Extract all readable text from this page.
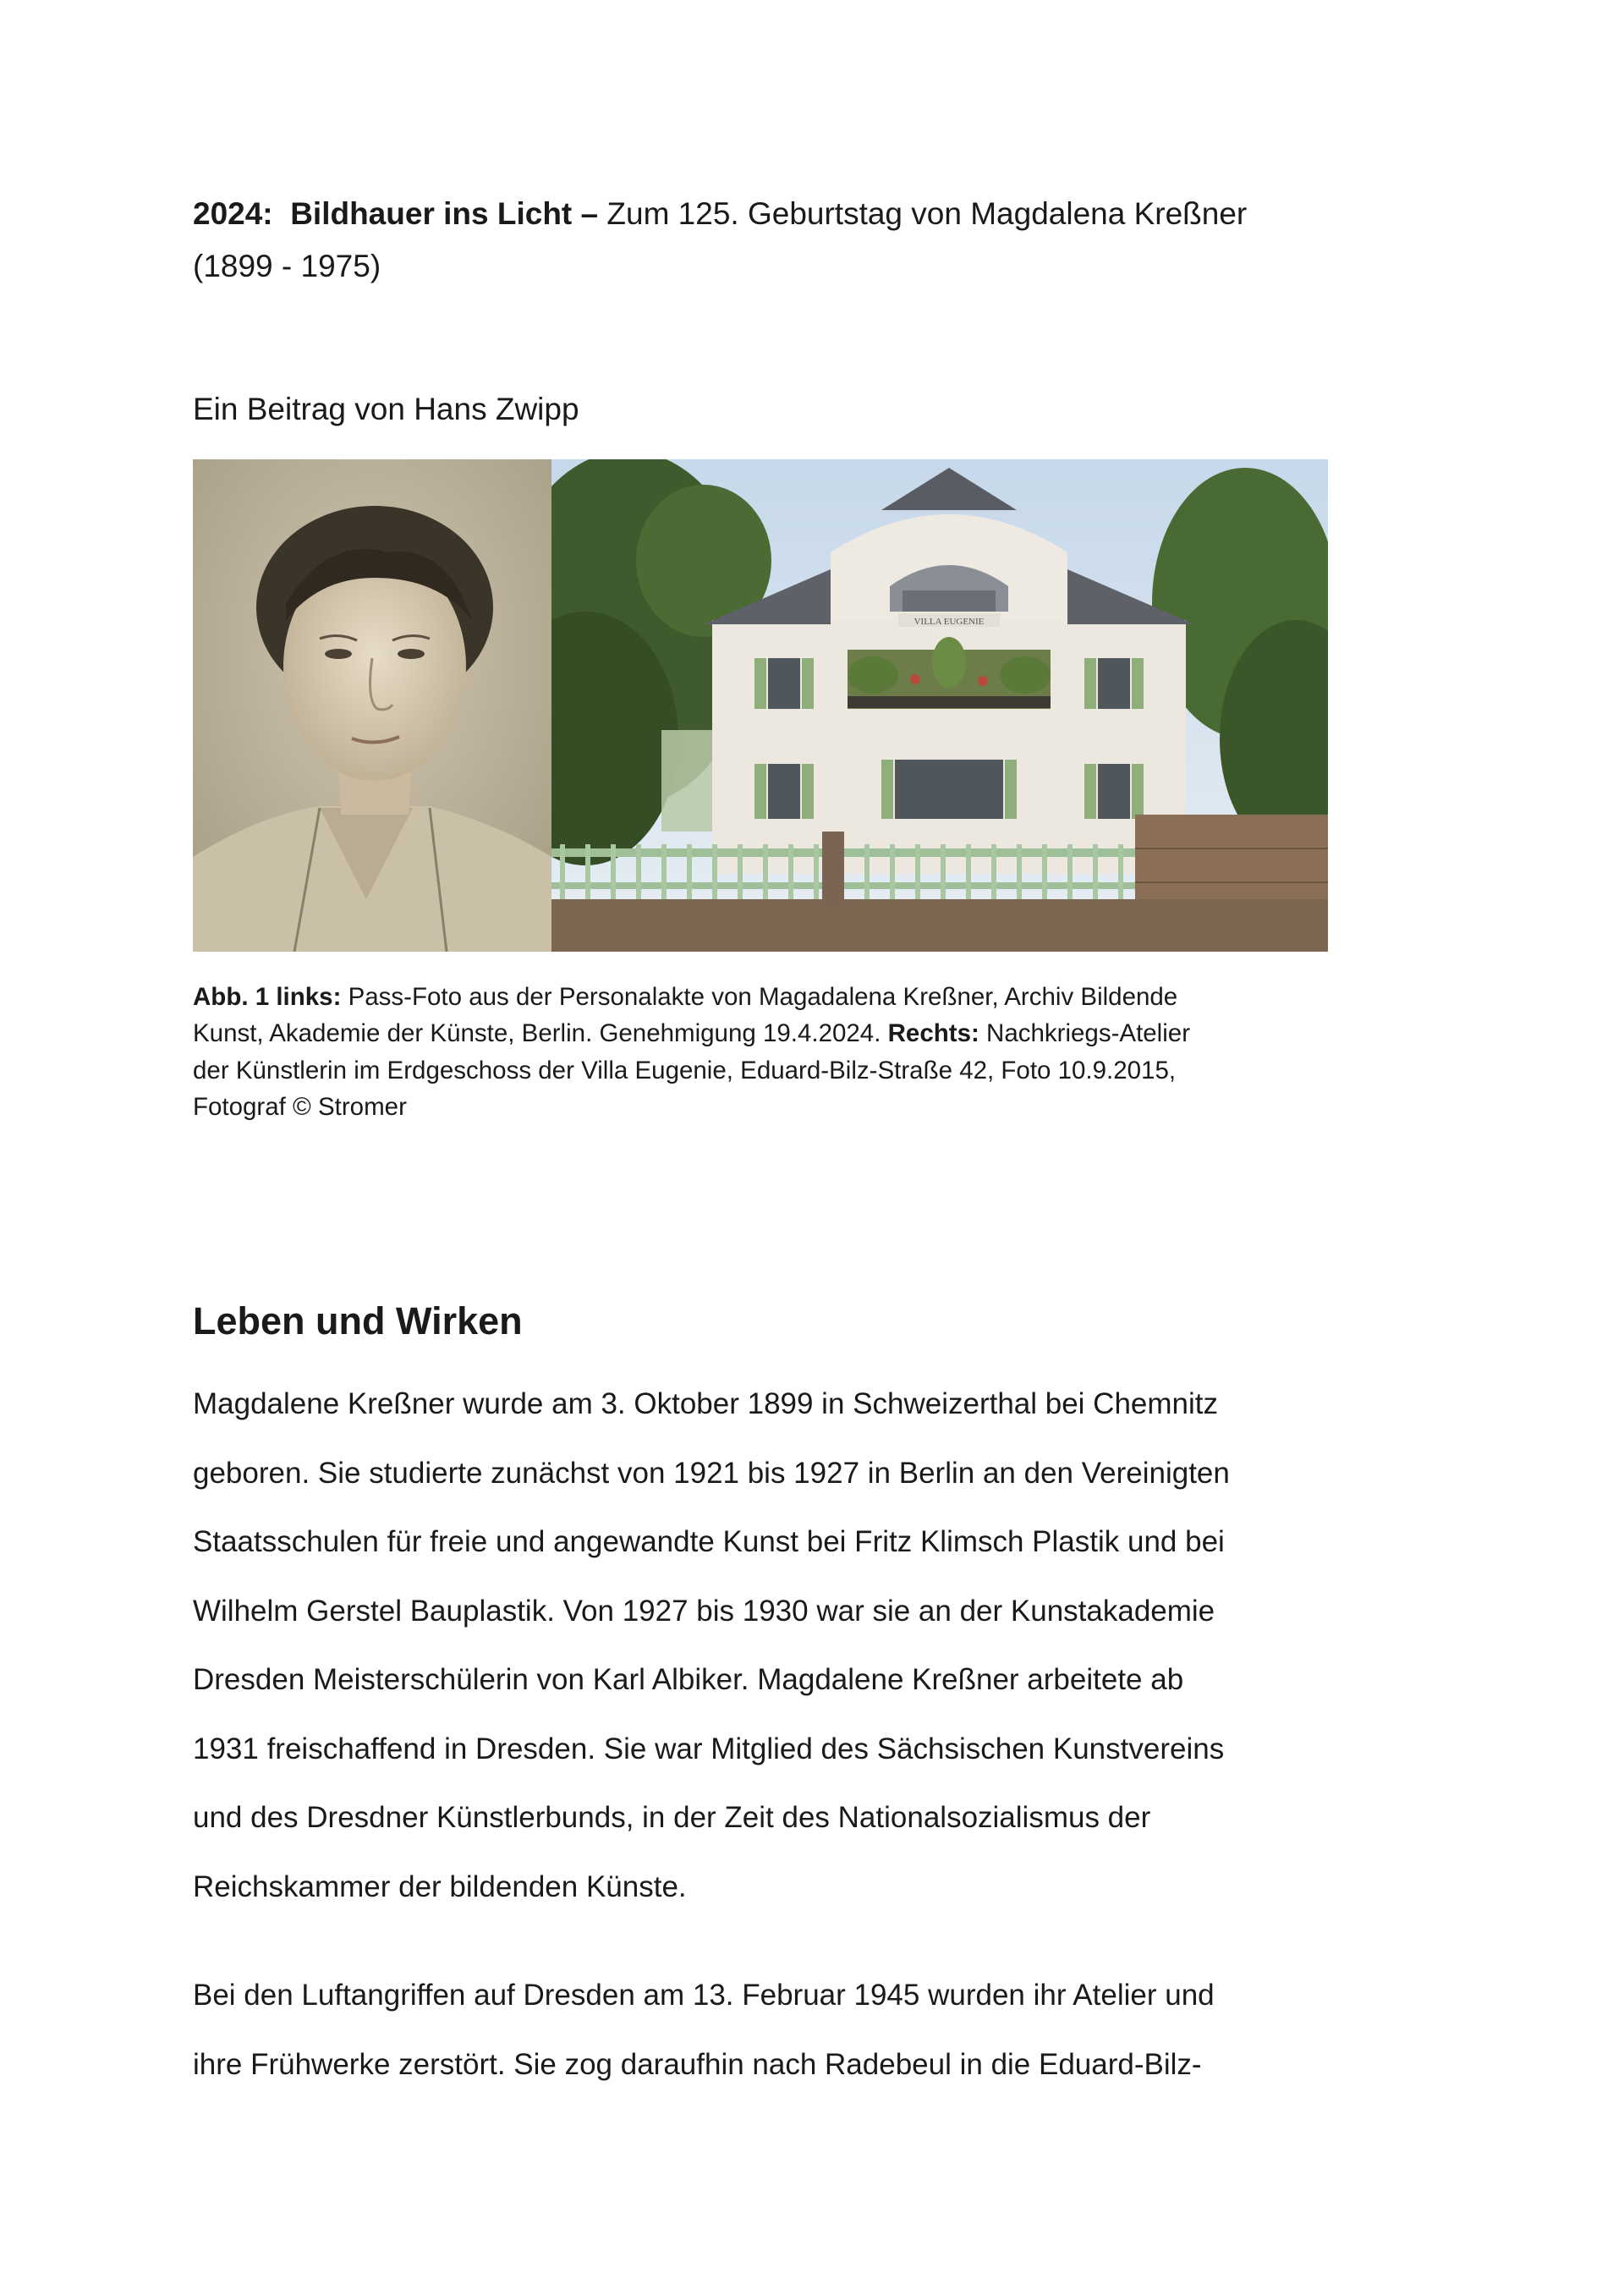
2024: Bildhauer ins Licht – Zum 125. Geburtstag von Magdalena Kreßner
(1899 - 1975)
Ein Beitrag von Hans Zwipp
VILLA EUGENIE
Abb. 1 links: Pass-Foto aus der Personalakte von Magadalena Kreßner, Archiv Bildende
Kunst, Akademie der Künste, Berlin. Genehmigung 19.4.2024. Rechts: Nachkriegs-Atelier
der Künstlerin im Erdgeschoss der Villa Eugenie, Eduard-Bilz-Straße 42, Foto 10.9.2015,
Fotograf © Stromer
Leben und Wirken
Magdalene Kreßner wurde am 3. Oktober 1899 in Schweizerthal bei Chemnitz
geboren. Sie studierte zunächst von 1921 bis 1927 in Berlin an den Vereinigten
Staatsschulen für freie und angewandte Kunst bei Fritz Klimsch Plastik und bei
Wilhelm Gerstel Bauplastik. Von 1927 bis 1930 war sie an der Kunstakademie
Dresden Meisterschülerin von Karl Albiker. Magdalene Kreßner arbeitete ab
1931 freischaffend in Dresden. Sie war Mitglied des Sächsischen Kunstvereins
und des Dresdner Künstlerbunds, in der Zeit des Nationalsozialismus der
Reichskammer der bildenden Künste.
Bei den Luftangriffen auf Dresden am 13. Februar 1945 wurden ihr Atelier und
ihre Frühwerke zerstört. Sie zog daraufhin nach Radebeul in die Eduard-Bilz-
